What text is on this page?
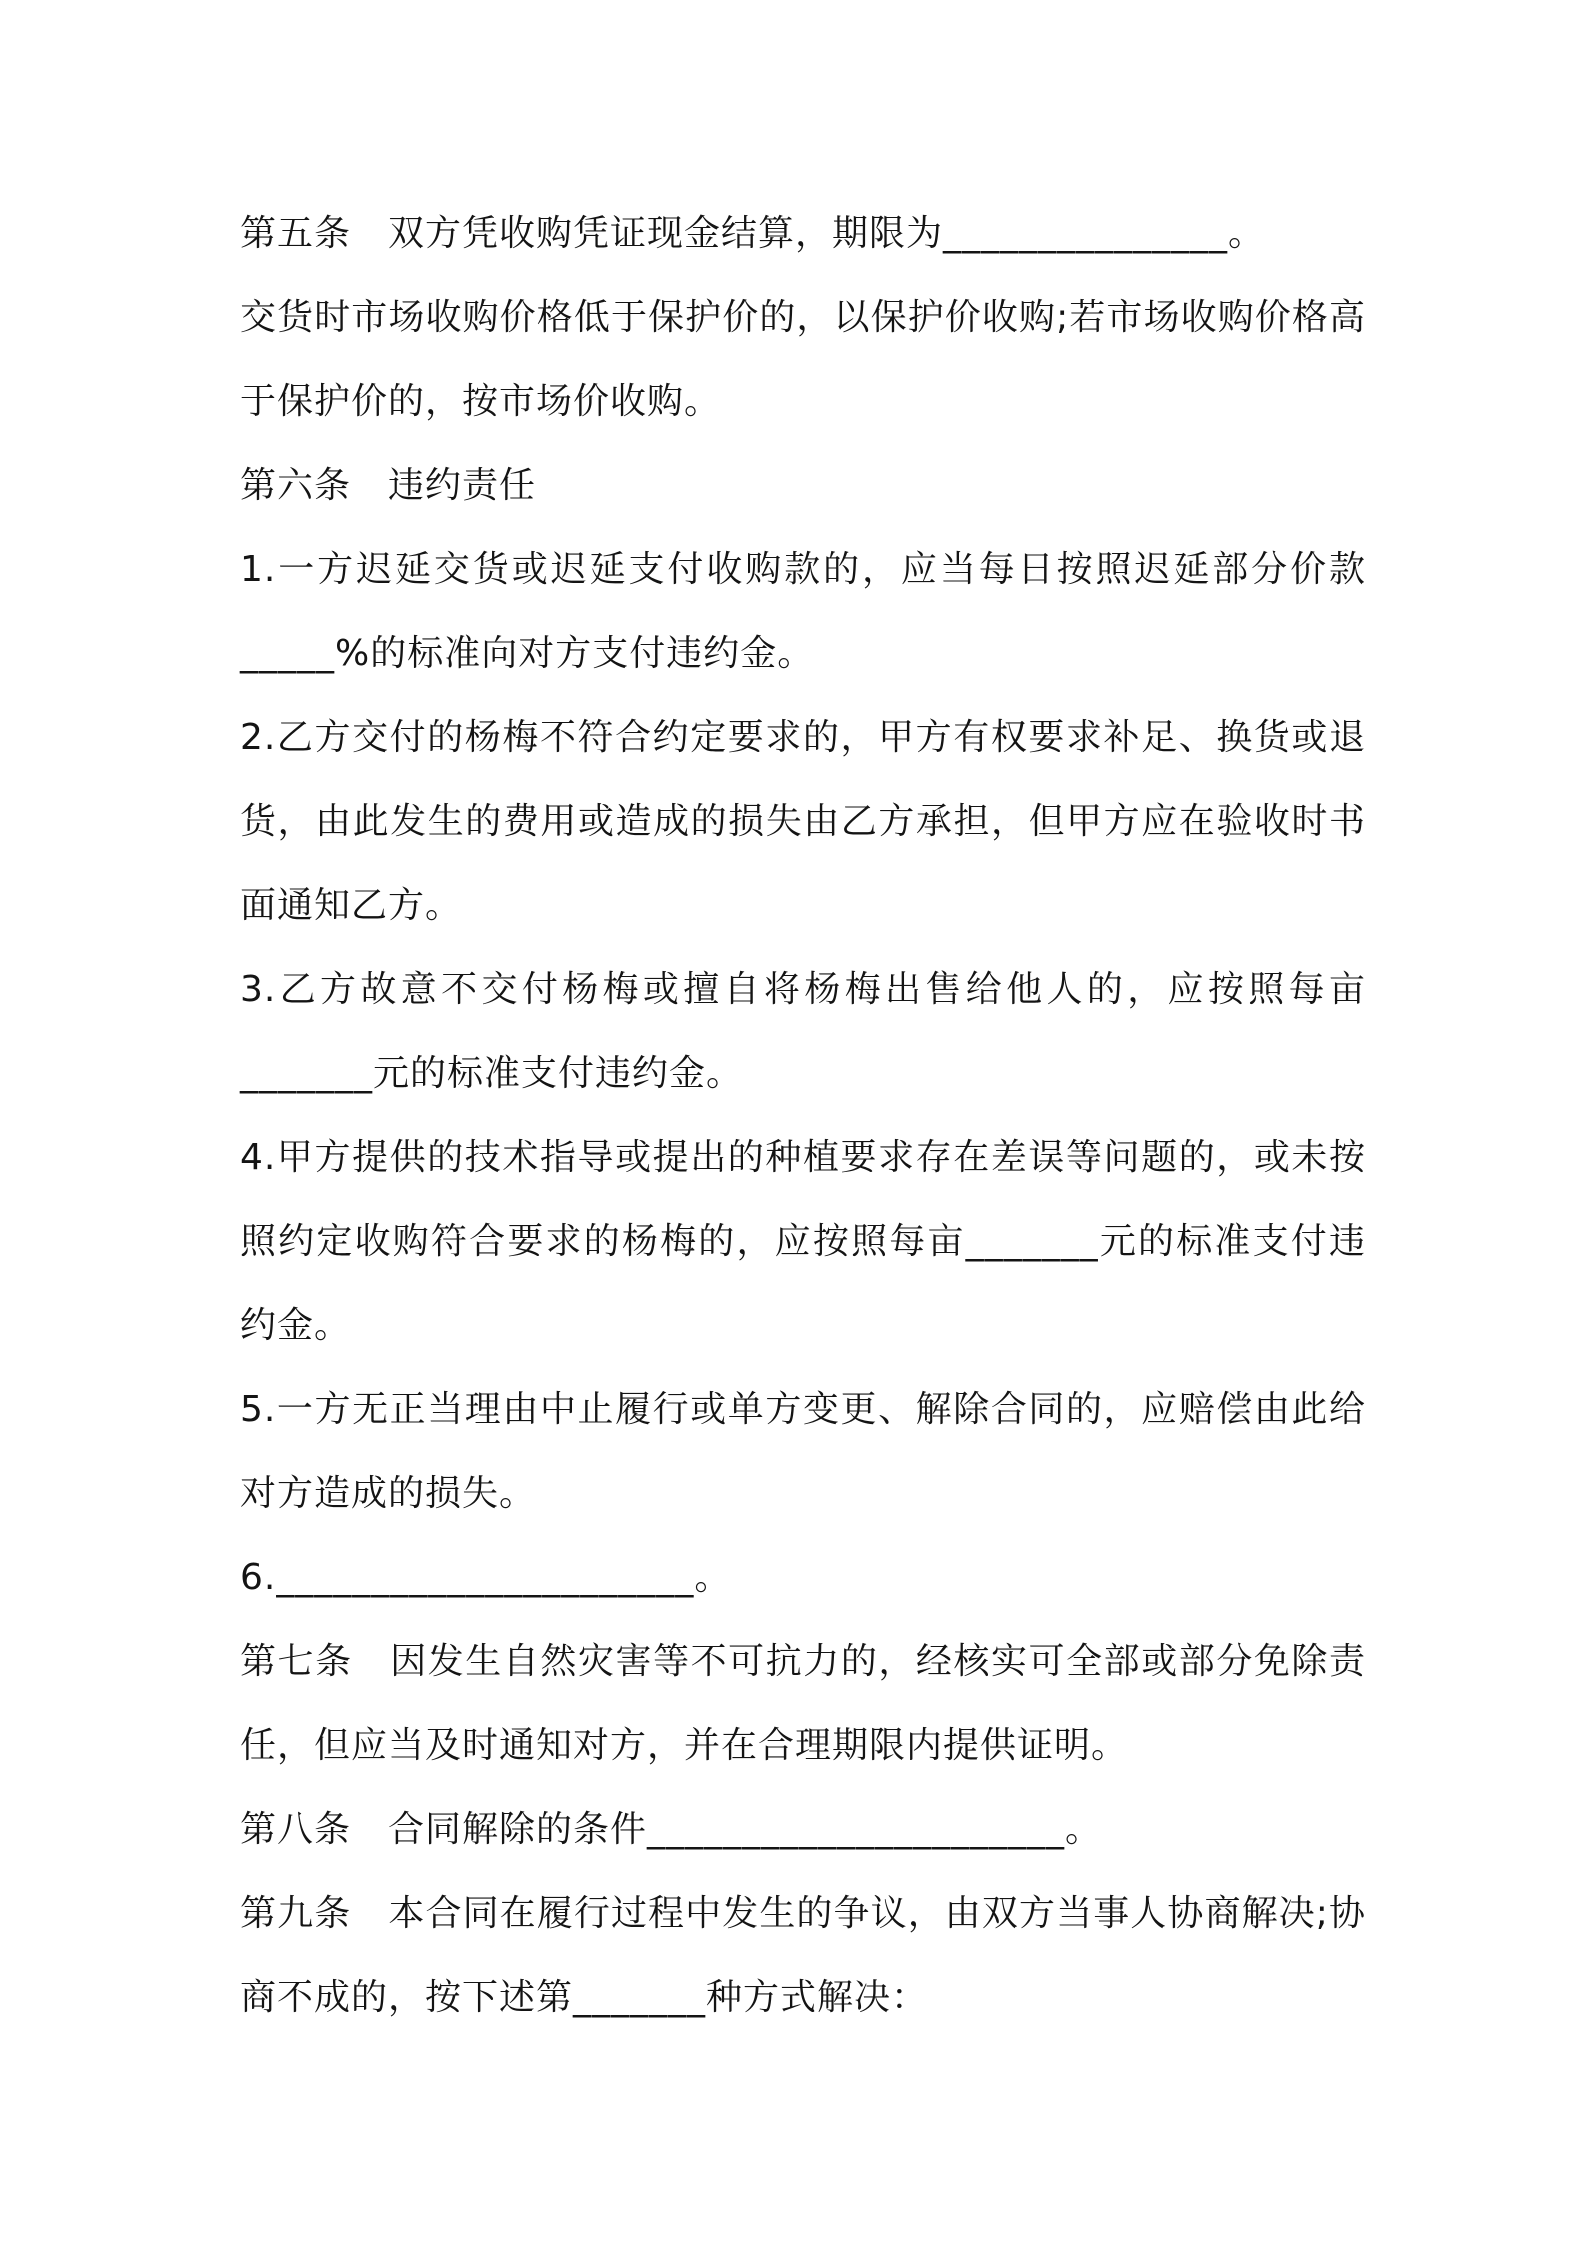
第五条　双方凭收购凭证现金结算，期限为_______________。

交货时市场收购价格低于保护价的，以保护价收购;若市场收购价格高于保护价的，按市场价收购。

第六条　违约责任

1.一方迟延交货或迟延支付收购款的，应当每日按照迟延部分价款_____%的标准向对方支付违约金。

2.乙方交付的杨梅不符合约定要求的，甲方有权要求补足、换货或退货，由此发生的费用或造成的损失由乙方承担，但甲方应在验收时书面通知乙方。

3.乙方故意不交付杨梅或擅自将杨梅出售给他人的，应按照每亩_______元的标准支付违约金。

4.甲方提供的技术指导或提出的种植要求存在差误等问题的，或未按照约定收购符合要求的杨梅的，应按照每亩_______元的标准支付违约金。

5.一方无正当理由中止履行或单方变更、解除合同的，应赔偿由此给对方造成的损失。

6.______________________。

第七条　因发生自然灾害等不可抗力的，经核实可全部或部分免除责任，但应当及时通知对方，并在合理期限内提供证明。

第八条　合同解除的条件______________________。

第九条　本合同在履行过程中发生的争议，由双方当事人协商解决;协商不成的，按下述第_______种方式解决：
